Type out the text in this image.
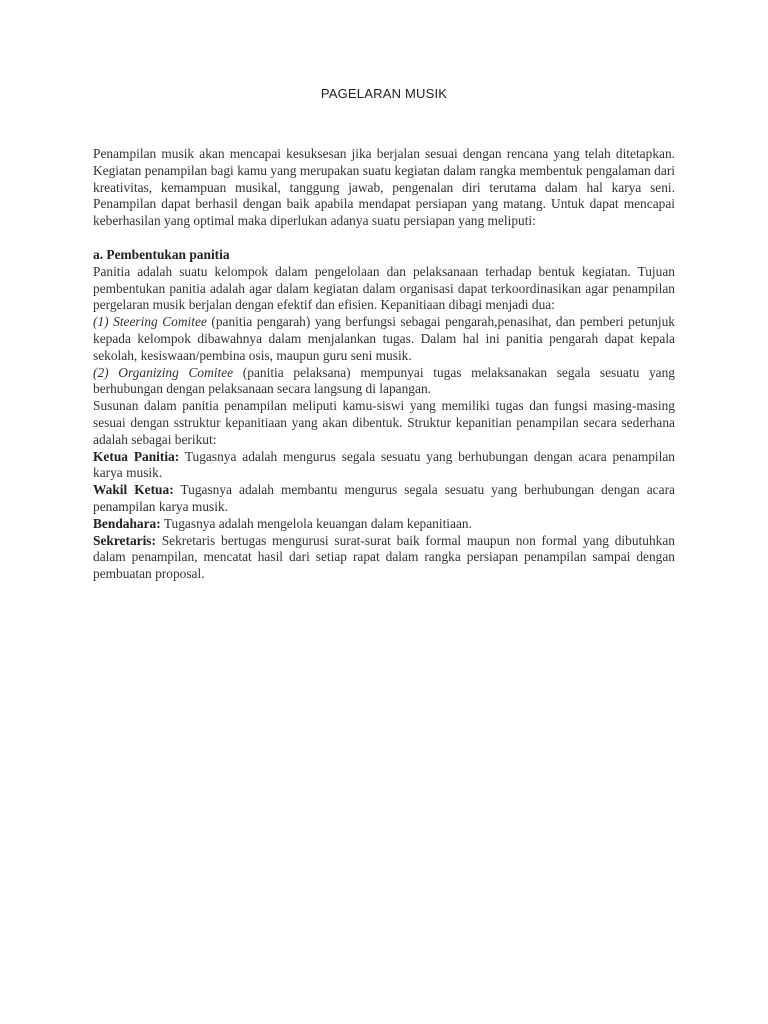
PAGELARAN MUSIK

Penampilan musik akan mencapai kesuksesan jika berjalan sesuai dengan rencana yang telah ditetapkan. Kegiatan penampilan bagi kamu yang merupakan suatu kegiatan dalam rangka membentuk pengalaman dari kreativitas, kemampuan musikal, tanggung jawab, pengenalan diri terutama dalam hal karya seni. Penampilan dapat berhasil dengan baik apabila mendapat persiapan yang matang. Untuk dapat mencapai keberhasilan yang optimal maka diperlukan adanya suatu persiapan yang meliputi:

a. Pembentukan panitia

Panitia adalah suatu kelompok dalam pengelolaan dan pelaksanaan terhadap bentuk kegiatan. Tujuan pembentukan panitia adalah agar dalam kegiatan dalam organisasi dapat terkoordinasikan agar penampilan pergelaran musik berjalan dengan efektif dan efisien. Kepanitiaan dibagi menjadi dua:

(1) Steering Comitee (panitia pengarah) yang berfungsi sebagai pengarah,penasihat, dan pemberi petunjuk kepada kelompok dibawahnya dalam menjalankan tugas. Dalam hal ini panitia pengarah dapat kepala sekolah, kesiswaan/pembina osis, maupun guru seni musik.

(2) Organizing Comitee (panitia pelaksana) mempunyai tugas melaksanakan segala sesuatu yang berhubungan dengan pelaksanaan secara langsung di lapangan.

Susunan dalam panitia penampilan meliputi kamu-siswi yang memiliki tugas dan fungsi masing-masing sesuai dengan sstruktur kepanitiaan yang akan dibentuk. Struktur kepanitian penampilan secara sederhana adalah sebagai berikut:

Ketua Panitia: Tugasnya adalah mengurus segala sesuatu yang berhubungan dengan acara penampilan karya musik.

Wakil Ketua: Tugasnya adalah membantu mengurus segala sesuatu yang berhubungan dengan acara penampilan karya musik.

Bendahara: Tugasnya adalah mengelola keuangan dalam kepanitiaan.

Sekretaris: Sekretaris bertugas mengurusi surat-surat baik formal maupun non formal yang dibutuhkan dalam penampilan, mencatat hasil dari setiap rapat dalam rangka persiapan penampilan sampai dengan pembuatan proposal.
